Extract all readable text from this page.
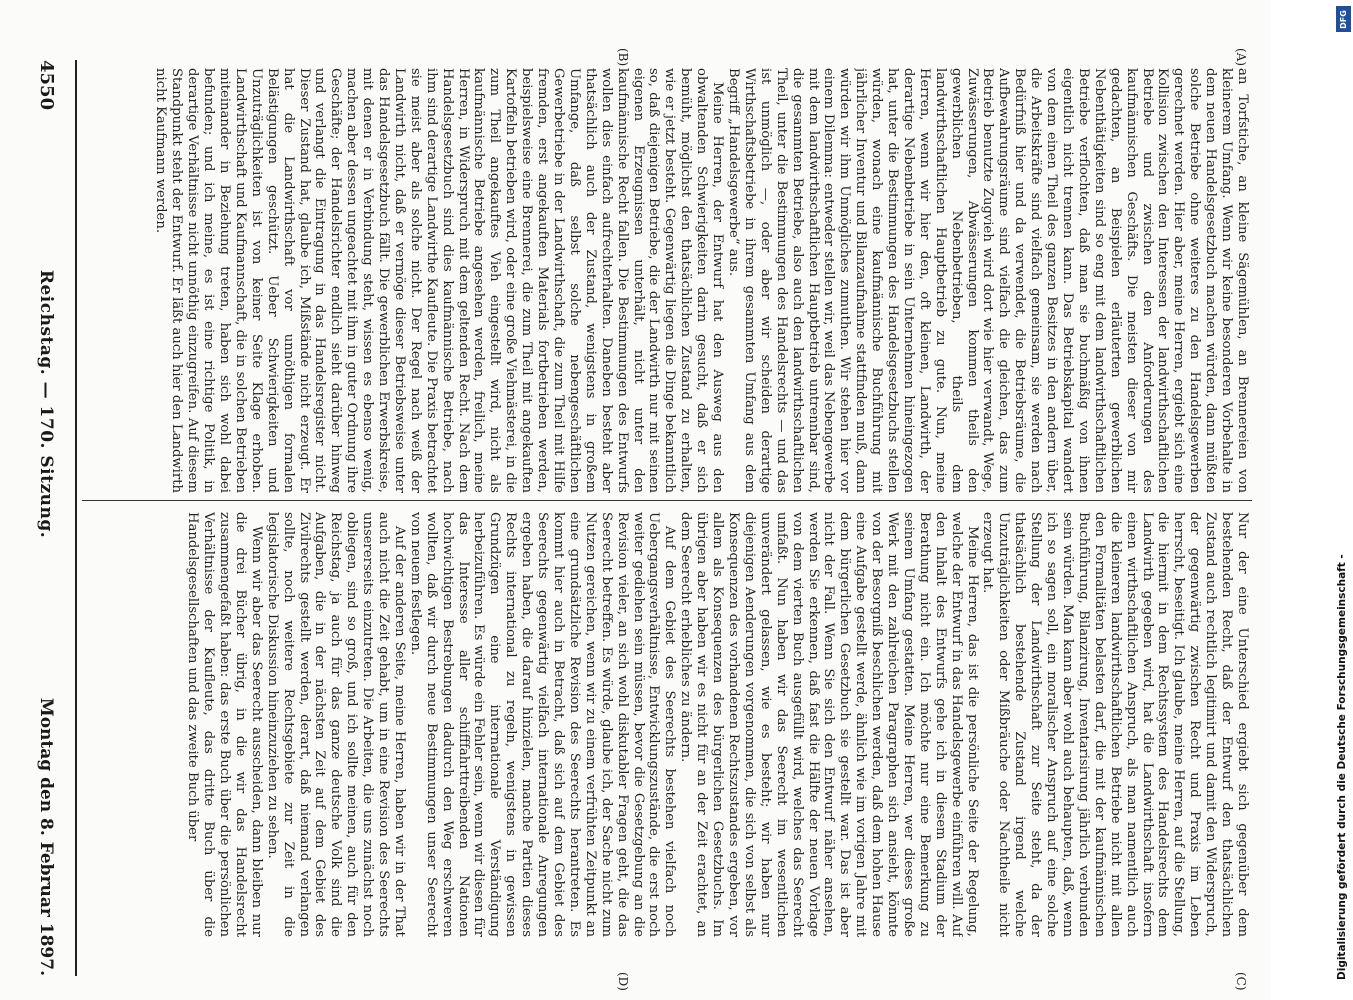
4550
Reichstag. — 170. Sitzung.
Montag den 8. Februar 1897.
(A)
(B)
(C)
(D)

an Torfstiche, an kleine Sägemühlen, an Brennereien von kleinerem Umfang. Wenn wir keine besonderen Vorbehalte in dem neuen Handelsgesetzbuch machen würden, dann müßten solche Betriebe ohne weiteres zu den Handelsgewerben gerechnet werden. Hier aber, meine Herren, ergiebt sich eine Kollision zwischen den Interessen der landwirthschaftlichen Betriebe und zwischen den Anforderungen des kaufmännischen Geschäfts. Die meisten dieser von mir gedachten, an Beispielen erläuterten gewerblichen Nebenthätigkeiten sind so eng mit dem landwirthschaftlichen Betriebe verflochten, daß man sie buchmäßig von ihnen eigentlich nicht trennen kann. Das Betriebskapital wandert von dem einen Theil des ganzen Besitzes in den andern über, die Arbeitskräfte sind vielfach gemeinsam, sie werden nach Bedürfniß hier und da verwendet, die Betriebsräume, die Aufbewahrungsräume sind vielfach die gleichen, das zum Betrieb benutzte Zugvieh wird dort wie hier verwandt, Wege, Zuwässerungen, Abwässerungen kommen theils den gewerblichen Nebenbetrieben, theils dem landwirthschaftlichen Hauptbetrieb zu gute. Nun, meine Herren, wenn wir hier den, oft kleinen, Landwirth, der derartige Nebenbetriebe in sein Unternehmen hineingezogen hat, unter die Bestimmungen des Handelsgesetzbuchs stellen würden, wonach eine kaufmännische Buchführung mit jährlicher Inventur und Bilanzaufnahme stattfinden muß, dann würden wir ihm Unmögliches zumuthen. Wir stehen hier vor einem Dilemma: entweder stellen wir, weil das Nebengewerbe mit dem landwirthschaftlichen Hauptbetrieb untrennbar sind, die gesammten Betriebe, also auch den landwirthschaftlichen Theil, unter die Bestimmungen des Handelsrechts — und das ist unmöglich —, oder aber wir scheiden derartige Wirthschaftsbetriebe in ihrem gesammten Umfang aus dem Begriff „Handelsgewerbe“ aus.

Meine Herren, der Entwurf hat den Ausweg aus den obwaltenden Schwierigkeiten darin gesucht, daß er sich bemüht, möglichst den thatsächlichen Zustand zu erhalten, wie er jetzt besteht. Gegenwärtig liegen die Dinge bekanntlich so, daß diejenigen Betriebe, die der Landwirth nur mit seinen eigenen Erzeugnissen unterhält, nicht unter den kaufmännische Recht fallen. Die Bestimmungen des Entwurfs wollen dies einfach aufrechterhalten. Daneben besteht aber thatsächlich auch der Zustand, wenigstens in großem Umfange, daß selbst solche nebengeschäftlichen Gewerbetriebe in der Landwirthschaft, die zum Theil mit Hilfe fremden, erst angekauften Materials fortbetrieben werden, beispielsweise eine Brennerei, die zum Theil mit angekauften Kartoffeln betrieben wird, oder eine große Viehmästerei, in die zum Theil angekauftes Vieh eingestellt wird, nicht als kaufmännische Betriebe angesehen werden, freilich, meine Herren, in Widerspruch mit dem geltenden Recht. Nach dem Handelsgesetzbuch sind dies kaufmännische Betriebe, nach ihm sind derartige Landwirthe Kaufleute. Die Praxis betrachtet sie meist aber als solche nicht. Der Regel nach weiß der Landwirth nicht, daß er vermöge dieser Betriebsweise unter das Handelsgesetzbuch fällt. Die gewerblichen Erwerbskreise, mit denen er in Verbindung steht, wissen es ebenso wenig, machen aber dessen ungeachtet mit ihm in guter Ordnung ihre Geschäfte; der Handelsrichter endlich sieht darüber hinweg und verlangt die Eintragung in das Handelsregister nicht. Dieser Zustand hat, glaube ich, Mißstände nicht erzeugt. Er hat die Landwirthschaft vor unnöthigen formalen Belästigungen geschützt. Ueber Schwierigkeiten und Unzuträglichkeiten ist von keiner Seite Klage erhoben. Landwirthschaft und Kaufmannschaft, die in solchen Betrieben miteinander in Beziehung treten, haben sich wohl dabei befunden; und ich meine, es ist eine richtige Politik, in derartige Verhältnisse nicht unnöthig einzugreifen. Auf diesem Standpunkt steht der Entwurf. Er läßt auch hier den Landwirth nicht Kaufmann werden.

Nur der eine Unterschied ergiebt sich gegenüber dem bestehenden Recht, daß der Entwurf den thatsächlichen Zustand auch rechtlich legitimirt und damit den Widerspruch, der gegenwärtig zwischen Recht und Praxis im Leben herrscht, beseitigt. Ich glaube, meine Herren, auf die Stellung, die hiermit in dem Rechtssystem des Handelsrechts dem Landwirth gegeben wird, hat die Landwirthschaft insofern einen wirthschaftlichen Anspruch, als man namentlich auch die kleineren landwirthschaftlichen Betriebe nicht mit allen den Formalitäten belasten darf, die mit der kaufmännischen Buchführung, Bilanzirung, Inventarisirung jährlich verbunden sein würden. Man kann aber wohl auch behaupten, daß, wenn ich so sagen soll, ein moralischer Anspruch auf eine solche Stellung der Landwirthschaft zur Seite steht, da der thatsächlich bestehende Zustand irgend welche Unzuträglichkeiten oder Mißbräuche oder Nachtheile nicht erzeugt hat.

Meine Herren, das ist die persönliche Seite der Regelung, welche der Entwurf in das Handelsgewerbe einführen will. Auf den Inhalt des Entwurfs gehe ich in diesem Stadium der Berathung nicht ein. Ich möchte nur eine Bemerkung zu seinem Umfang gestatten. Meine Herren, wer dieses große Werk mit den zahlreichen Paragraphen sich ansieht, könnte von der Besorgniß beschlichen werden, daß dem hohen Hause eine Aufgabe gestellt werde, ähnlich wie im vorigen Jahre mit dem bürgerlichen Gesetzbuch sie gestellt war. Das ist aber nicht der Fall. Wenn Sie sich den Entwurf näher ansehen, werden Sie erkennen, daß fast die Hälfte der neuen Vorlage von dem vierten Buch ausgefüllt wird, welches das Seerecht umfaßt. Nun haben wir das Seerecht im wesentlichen unverändert gelassen, wie es besteht; wir haben nur diejenigen Aenderungen vorgenommen, die sich von selbst als Konsequenzen des vorhandenen Rechtszustandes ergeben, vor allem als Konsequenzen des bürgerlichen Gesetzbuchs. Im übrigen aber haben wir es nicht für an der Zeit erachtet, an dem Seerecht erhebliches zu ändern.

Auf dem Gebiet des Seerechts bestehen vielfach noch Uebergangsverhältnisse, Entwicklungszustände, die erst noch weiter gediehen sein müssen, bevor die Gesetzgebung an die Revision vieler, an sich wohl diskutabler Fragen geht, die das Seerecht betreffen. Es würde, glaube ich, der Sache nicht zum Nutzen gereichen, wenn wir zu einem verfrühten Zeitpunkt an eine grundsätzliche Revision des Seerechts herantreten. Es kommt hier auch in Betracht, daß sich auf dem Gebiet des Seerechts gegenwärtig vielfach internationale Anregungen ergeben haben, die darauf hinzielen, manche Partien dieses Rechts international zu regeln, wenigstens in gewissen Grundzügen eine internationale Verständigung herbeizuführen. Es würde ein Fehler sein, wenn wir diesen für das Interesse aller schifffahrttreibenden Nationen hochwichtigen Bestrebungen dadurch den Weg erschweren wollten, daß wir durch neue Bestimmungen unser Seerecht von neuem festlegen.

Auf der anderen Seite, meine Herren, haben wir in der That auch nicht die Zeit gehabt, um in eine Revision des Seerechts unsererseits einzutreten. Die Arbeiten, die uns zunächst noch obliegen, sind so groß, und ich sollte meinen, auch für den Reichstag, ja auch für das ganze deutsche Volk sind die Aufgaben, die in der nächsten Zeit auf dem Gebiet des Zivilrechts gestellt werden, derart, daß niemand verlangen sollte, noch weitere Rechtsgebiete zur Zeit in die legislatorische Diskussion hineinzuziehen zu sehen.

Wenn wir aber das Seerecht ausscheiden, dann bleiben nur die drei Bücher übrig, in die wir das Handelsrecht zusammengefaßt haben: das erste Buch über die persönlichen Verhältnisse der Kaufleute, das dritte Buch über die Handelsgesellschaften und das zweite Buch über

DFG
Digitalisierung gefördert durch die Deutsche Forschungsgemeinschaft -
